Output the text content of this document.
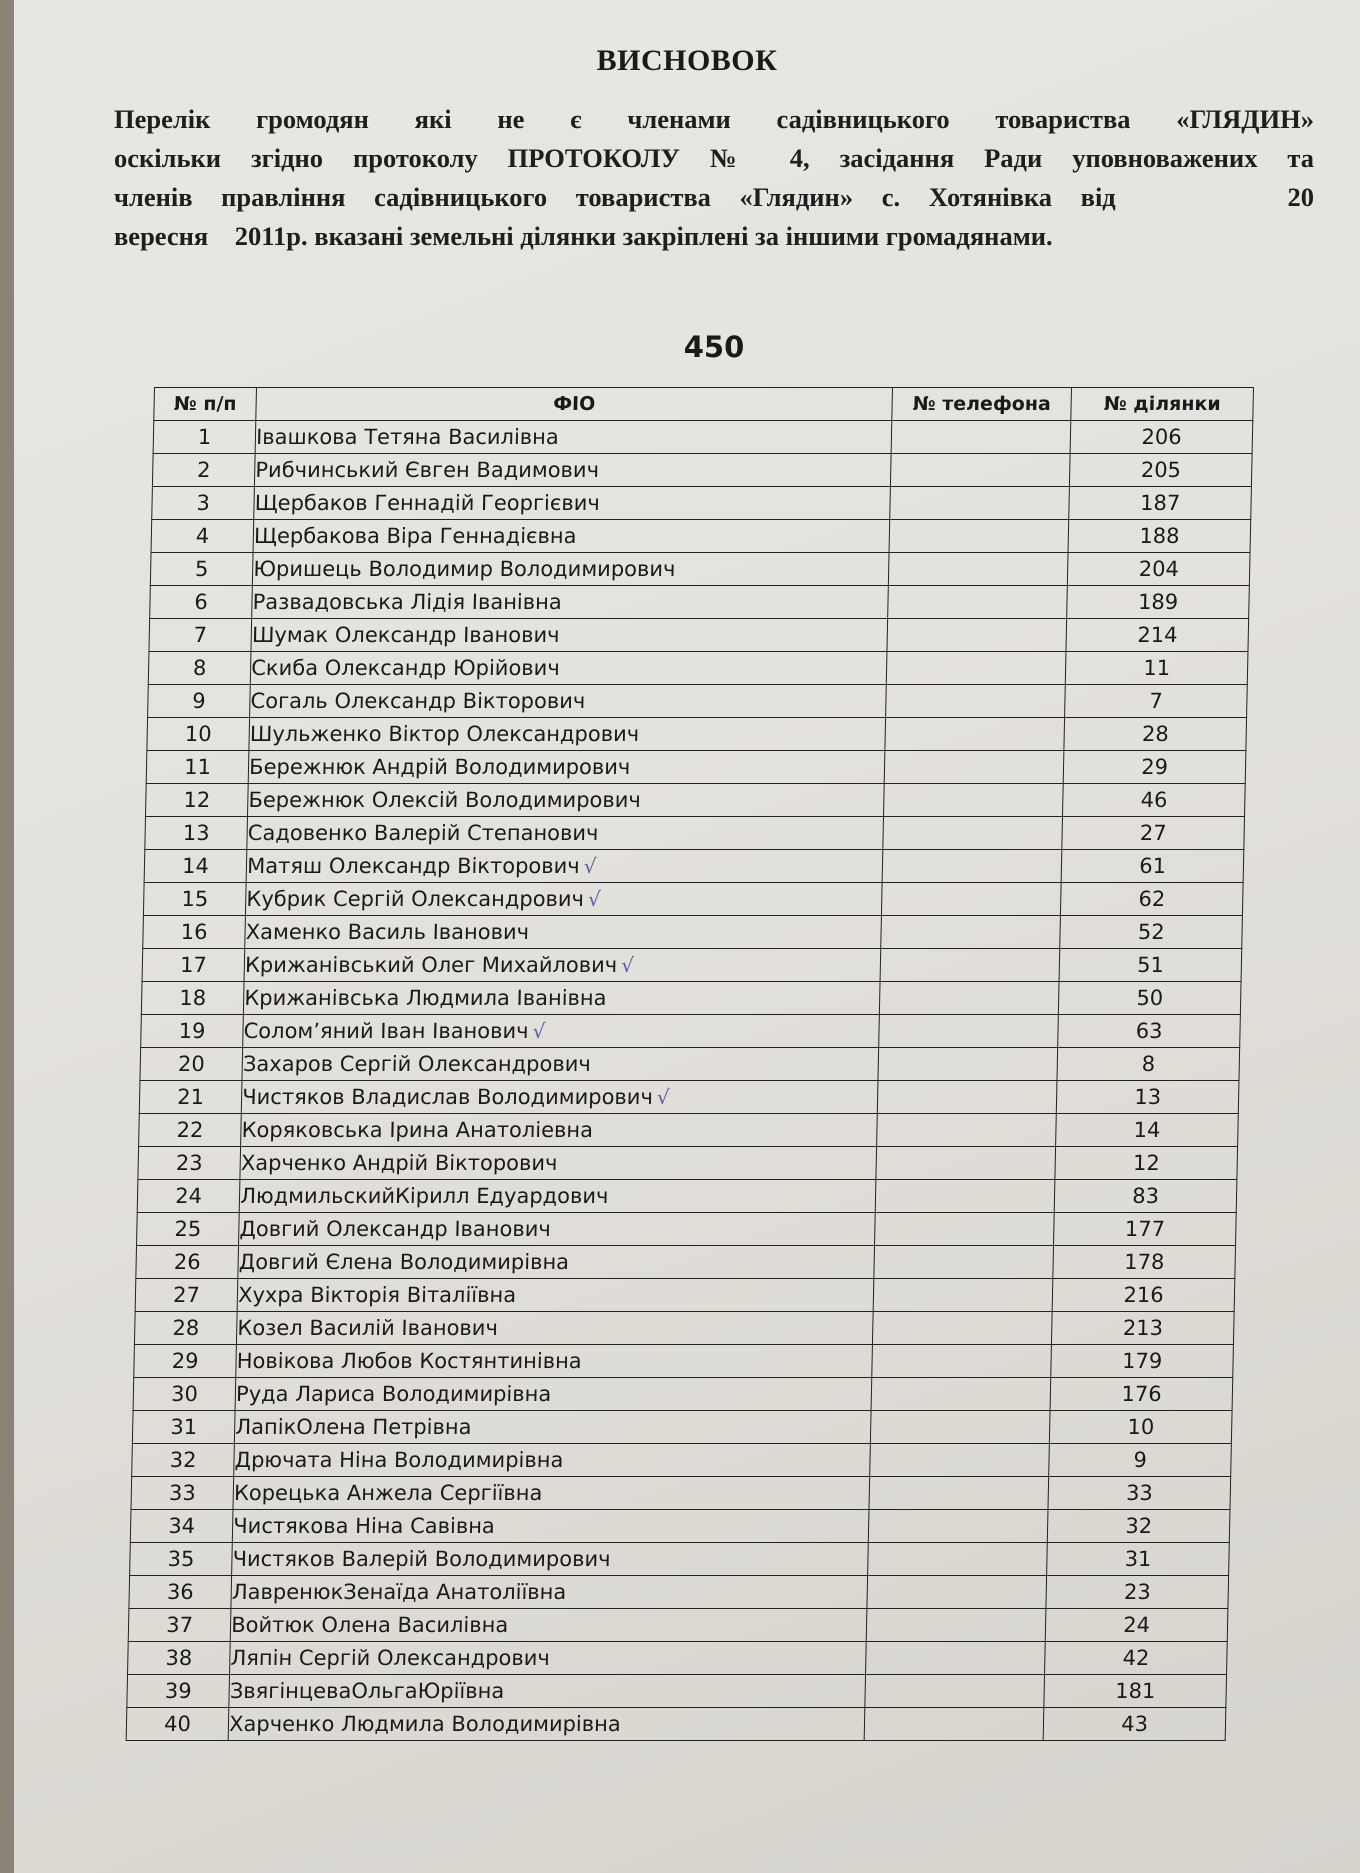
ВИСНОВОК
Перелік громодян які не є членами садівницького товариства «ГЛЯДИН»
оскільки згідно протоколу ПРОТОКОЛУ № 4, засідання Ради уповноважених та
членів правління садівницького товариства «Глядин» с. Хотянівка від      20
вересня    2011р. вказані земельні ділянки закріплені за іншими громадянами.
450
№ п/п	ФІО	№ телефона	№ ділянки
1	Івашкова Тетяна Василівна		206
2	Рибчинський Євген Вадимович		205
3	Щербаков Геннадій Георгієвич		187
4	Щербакова Віра Геннадієвна		188
5	Юришець Володимир Володимирович		204
6	Развадовська Лідія Іванівна		189
7	Шумак Олександр Іванович		214
8	Скиба Олександр Юрійович		11
9	Согаль Олександр Вікторович		7
10	Шульженко Віктор Олександрович		28
11	Бережнюк Андрій Володимирович		29
12	Бережнюк Олексій Володимирович		46
13	Садовенко Валерій Степанович		27
14	Матяш Олександр Вікторович √		61
15	Кубрик Сергій Олександрович √		62
16	Хаменко Василь Іванович		52
17	Крижанівський Олег Михайлович √		51
18	Крижанівська Людмила Іванівна		50
19	Солом’яний Іван Іванович √		63
20	Захаров Сергій Олександрович		8
21	Чистяков Владислав Володимирович √		13
22	Коряковська Ірина Анатоліевна		14
23	Харченко Андрій Вікторович		12
24	ЛюдмильскийКірилл Едуардович		83
25	Довгий Олександр Іванович		177
26	Довгий Єлена Володимирівна		178
27	Хухра Вікторія Віталіївна		216
28	Козел Василій Іванович		213
29	Новікова Любов Костянтинівна		179
30	Руда Лариса Володимирівна		176
31	ЛапікОлена Петрівна		10
32	Дрючата Ніна Володимирівна		9
33	Корецька Анжела Сергіївна		33
34	Чистякова Ніна Савівна		32
35	Чистяков Валерій Володимирович		31
36	ЛавренюкЗенаїда Анатоліївна		23
37	Войтюк Олена Василівна		24
38	Ляпін Сергій Олександрович		42
39	ЗвягінцеваОльгаЮріївна		181
40	Харченко Людмила Володимирівна		43
